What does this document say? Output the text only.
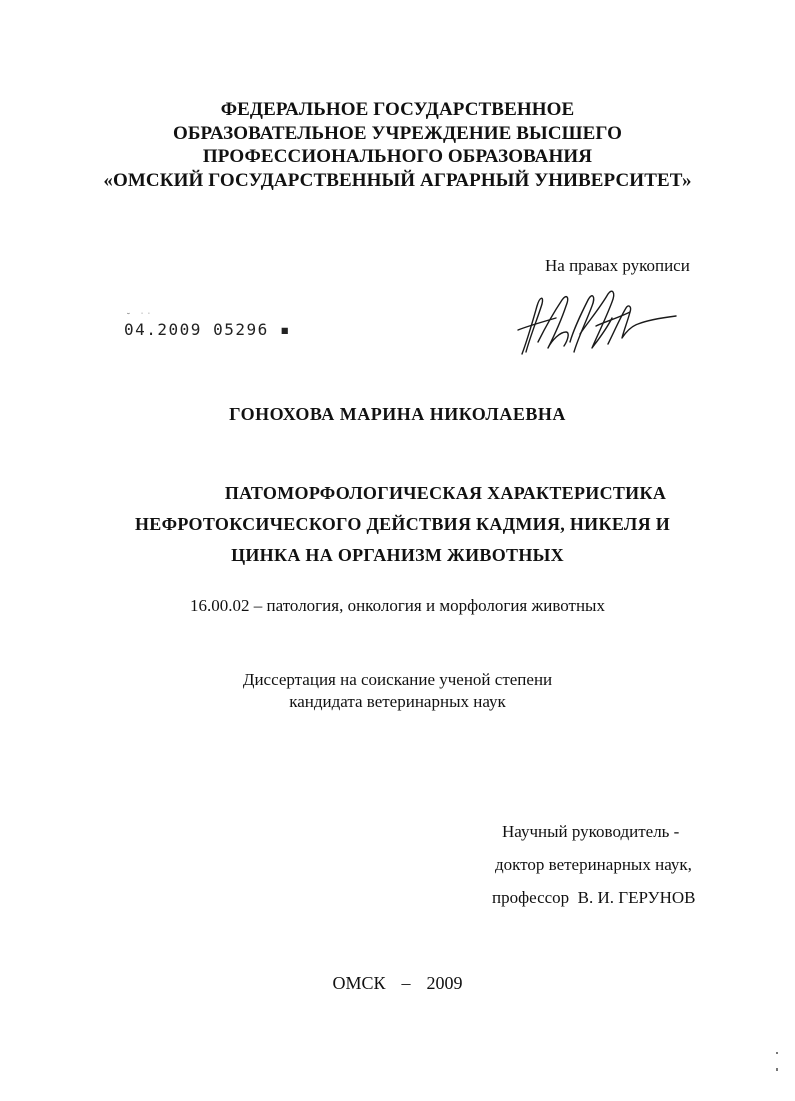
ФЕДЕРАЛЬНОЕ ГОСУДАРСТВЕННОЕ
ОБРАЗОВАТЕЛЬНОЕ УЧРЕЖДЕНИЕ ВЫСШЕГО
ПРОФЕССИОНАЛЬНОГО ОБРАЗОВАНИЯ
«ОМСКИЙ ГОСУДАРСТВЕННЫЙ АГРАРНЫЙ УНИВЕРСИТЕТ»
На правах рукописи
˘ ˙˙
04.2009 05296 ▪
ГОНОХОВА МАРИНА НИКОЛАЕВНА
ПАТОМОРФОЛОГИЧЕСКАЯ ХАРАКТЕРИСТИКА
НЕФРОТОКСИЧЕСКОГО ДЕЙСТВИЯ КАДМИЯ, НИКЕЛЯ И
ЦИНКА НА ОРГАНИЗМ ЖИВОТНЫХ
16.00.02 – патология, онкология и морфология животных
Диссертация на соискание ученой степени
кандидата ветеринарных наук
Научный руководитель -
доктор ветеринарных наук,
профессор  В. И. ГЕРУНОВ
ОМСК – 2009
